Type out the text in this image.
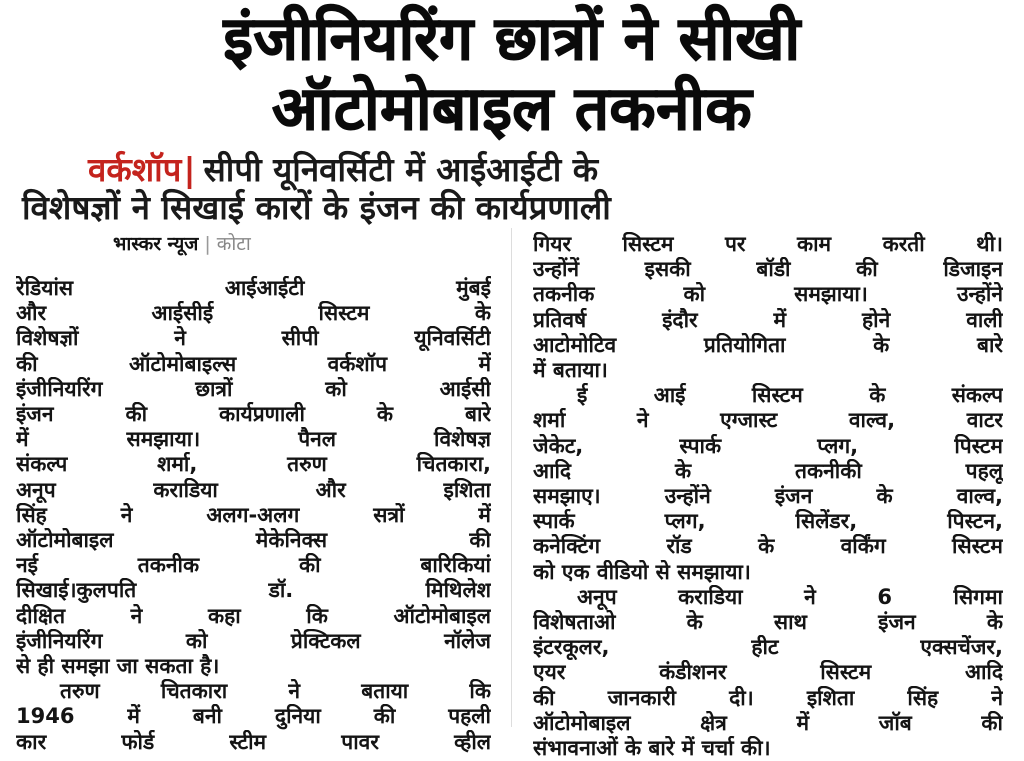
इंजीनियरिंग छात्रों ने सीखी
ऑटोमोबाइल तकनीक
वर्कशॉप| सीपी यूनिवर्सिटी में आईआईटी के
विशेषज्ञों ने सिखाई कारों के इंजन की कार्यप्रणाली
भास्कर न्यूज | कोटा
रेडियांस आईआईटी मुंबई
और आईसीई सिस्टम के
विशेषज्ञों ने सीपी यूनिवर्सिटी
की ऑटोमोबाइल्स वर्कशॉप में
इंजीनियरिंग छात्रों को आईसी
इंजन की कार्यप्रणाली के बारे
में समझाया। पैनल विशेषज्ञ
संकल्प शर्मा, तरुण चितकारा,
अनूप कराडिया और इशिता
सिंह ने अलग-अलग सत्रों में
ऑटोमोबाइल मेकेनिक्स की
नई तकनीक की बारिकियां
सिखाई।कुलपति डॉ. मिथिलेश
दीक्षित ने कहा कि ऑटोमोबाइल
इंजीनियरिंग को प्रेक्टिकल नॉलेज
से ही समझा जा सकता है।
तरुण चितकारा ने बताया कि
1946 में बनी दुनिया की पहली
कार फोर्ड स्टीम पावर व्हील
गियर सिस्टम पर काम करती थी।
उन्होंनें इसकी बॉडी की डिजाइन
तकनीक को समझाया। उन्होंने
प्रतिवर्ष इंदौर में होने वाली
आटोमोटिव प्रतियोगिता के बारे
में बताया।
ई आई सिस्टम के संकल्प
शर्मा ने एग्जास्ट वाल्व, वाटर
जेकेट, स्पार्क प्लग, पिस्टम
आदि के तकनीकी पहलू
समझाए। उन्होंने इंजन के वाल्व,
स्पार्क प्लग, सिलेंडर, पिस्टन,
कनेक्टिंग रॉड के वर्किंग सिस्टम
को एक वीडियो से समझाया।
अनूप कराडिया ने 6 सिगमा
विशेषताओ के साथ इंजन के
इंटरकूलर, हीट एक्सचेंजर,
एयर कंडीशनर सिस्टम आदि
की जानकारी दी। इशिता सिंह ने
ऑटोमोबाइल क्षेत्र में जॉब की
संभावनाओं के बारे में चर्चा की।
